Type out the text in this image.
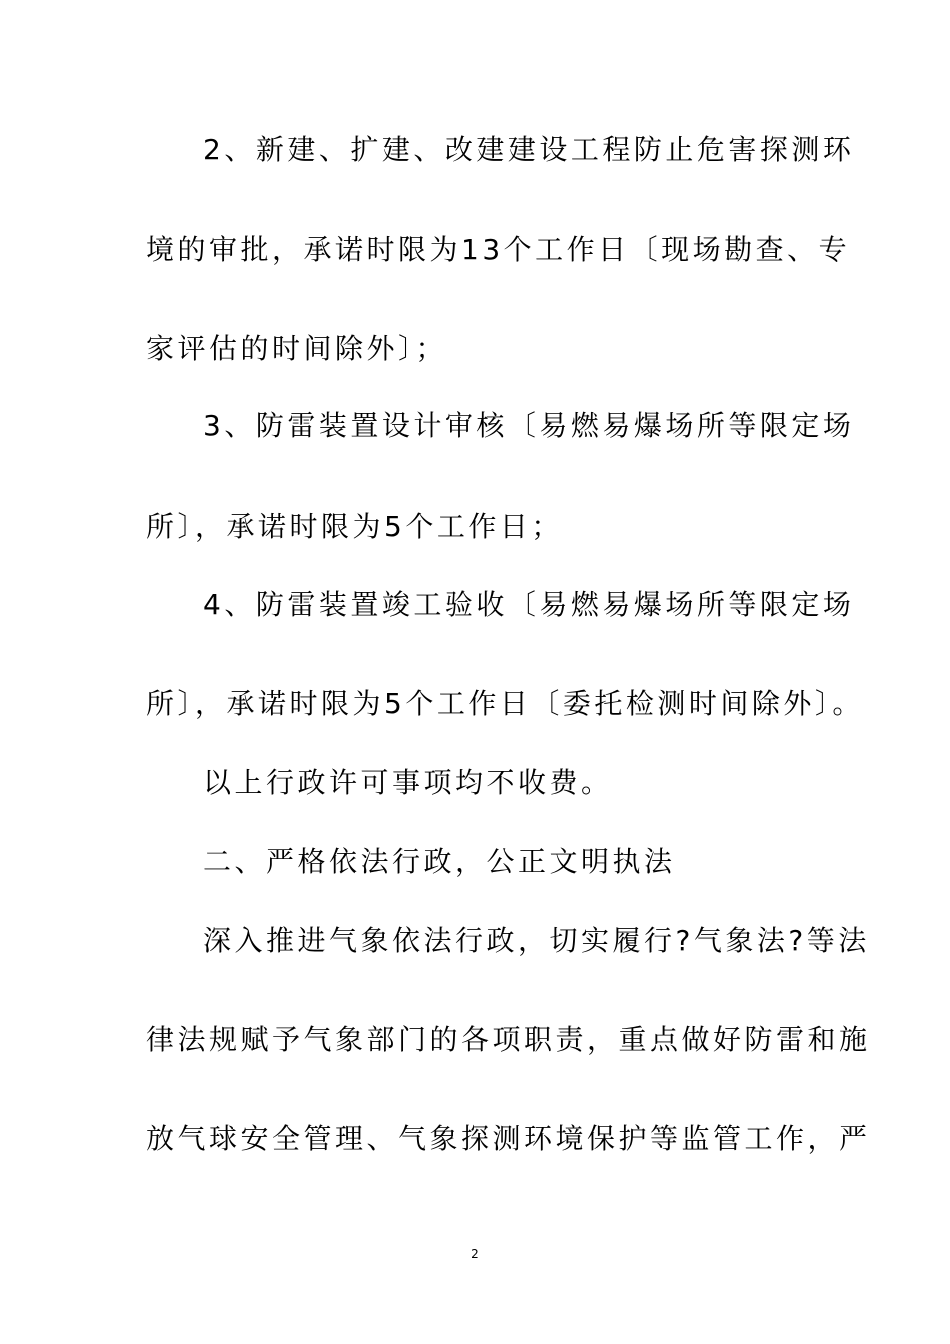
2、新建、扩建、改建建设工程防止危害探测环
境的审批，承诺时限为13个工作日〔现场勘查、专
家评估的时间除外〕；
3、防雷装置设计审核〔易燃易爆场所等限定场
所〕，承诺时限为5个工作日；
4、防雷装置竣工验收〔易燃易爆场所等限定场
所〕，承诺时限为5个工作日〔委托检测时间除外〕。
以上行政许可事项均不收费。
二、严格依法行政，公正文明执法
深入推进气象依法行政，切实履行?气象法?等法
律法规赋予气象部门的各项职责，重点做好防雷和施
放气球安全管理、气象探测环境保护等监管工作，严
2
